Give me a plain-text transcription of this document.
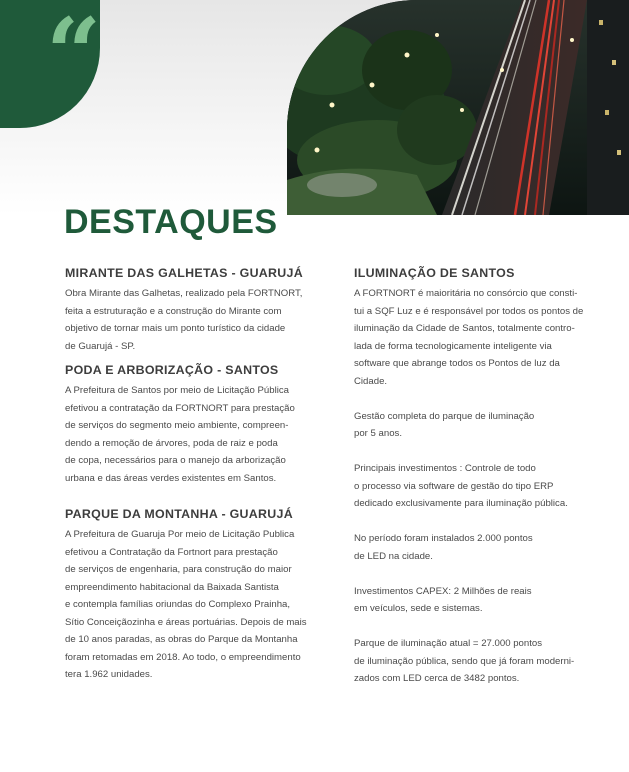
“
DESTAQUES
MIRANTE DAS GALHETAS - GUARUJÁ

Obra Mirante das Galhetas, realizado pela FORTNORT,

feita a estruturação e a construção do Mirante com

objetivo de tornar mais um ponto turístico da cidade

de Guarujá - SP.

PODA E ARBORIZAÇÃO - SANTOS

A Prefeitura de Santos por meio de Licitação Pública

efetivou a contratação da FORTNORT para prestação

de serviços do segmento meio ambiente, compreen-

dendo a remoção de árvores, poda de raiz e poda

de copa, necessários para o manejo da arborização

urbana e das áreas verdes existentes em Santos.

PARQUE DA MONTANHA - GUARUJÁ

A Prefeitura de Guaruja Por meio de Licitação Publica

efetivou a Contratação da Fortnort para prestação

de serviços de engenharia, para construção do maior

empreendimento habitacional da Baixada Santista

e contempla famílias oriundas do Complexo Prainha,

Sítio Conceiçãozinha e áreas portuárias. Depois de mais

de 10 anos paradas, as obras do Parque da Montanha

foram retomadas em 2018. Ao todo, o empreendimento

tera 1.962 unidades.

ILUMINAÇÃO DE SANTOS

A FORTNORT é maioritária no consórcio que consti-

tui a SQF Luz e é responsável por todos os pontos de

iluminação da Cidade de Santos, totalmente contro-

lada de forma tecnologicamente inteligente via

software que abrange todos os Pontos de luz da

Cidade.

Gestão completa do parque de iluminação

por 5 anos.

Principais investimentos : Controle de todo

o processo via software de gestão do tipo ERP

dedicado exclusivamente para iluminação pública.

No período foram instalados 2.000 pontos

de LED na cidade.

Investimentos CAPEX: 2 Milhões de reais

em veículos, sede e sistemas.

Parque de iluminação atual = 27.000 pontos

de iluminação pública, sendo que já foram moderni-

zados com LED cerca de 3482 pontos.
